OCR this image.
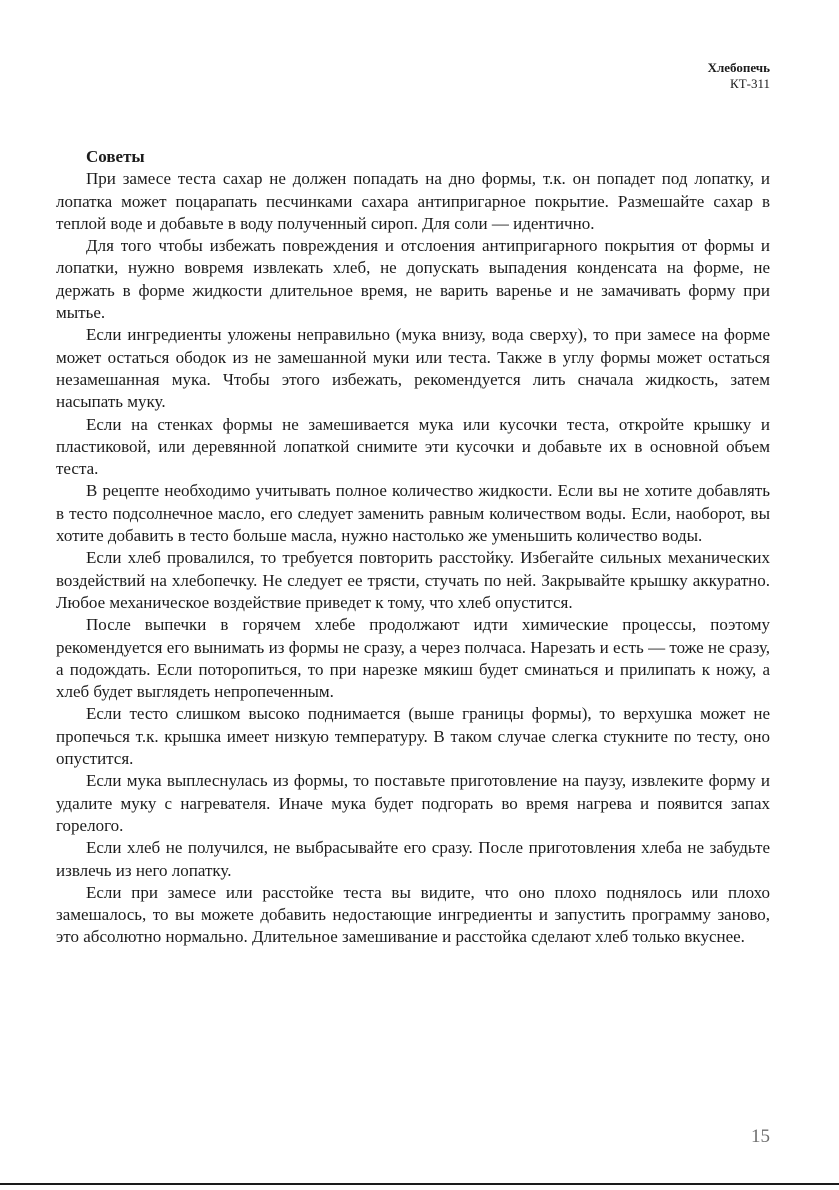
Хлебопечь
КТ-311
Советы

При замесе теста сахар не должен попадать на дно формы, т.к. он попадет под лопатку, и лопатка может поцарапать песчинками сахара антипригарное покрытие. Размешайте сахар в теплой воде и добавьте в воду полученный сироп. Для соли — идентично.

Для того чтобы избежать повреждения и отслоения антипригарного покрытия от формы и лопатки, нужно вовремя извлекать хлеб, не допускать выпадения конденсата на форме, не держать в форме жидкости длительное время, не варить варенье и не замачивать форму при мытье.

Если ингредиенты уложены неправильно (мука внизу, вода сверху), то при замесе на форме может остаться ободок из не замешанной муки или теста. Также в углу формы может остаться незамешанная мука. Чтобы этого избежать, рекомендуется лить сначала жидкость, затем насыпать муку.

Если на стенках формы не замешивается мука или кусочки теста, откройте крышку и пластиковой, или деревянной лопаткой снимите эти кусочки и добавьте их в основной объем теста.

В рецепте необходимо учитывать полное количество жидкости. Если вы не хотите добавлять в тесто подсолнечное масло, его следует заменить равным количеством воды. Если, наоборот, вы хотите добавить в тесто больше масла, нужно настолько же уменьшить количество воды.

Если хлеб провалился, то требуется повторить расстойку. Избегайте сильных механических воздействий на хлебопечку. Не следует ее трясти, стучать по ней. Закрывайте крышку аккуратно. Любое механическое воздействие приведет к тому, что хлеб опустится.

После выпечки в горячем хлебе продолжают идти химические процессы, поэтому рекомендуется его вынимать из формы не сразу, а через полчаса. Нарезать и есть — тоже не сразу, а подождать. Если поторопиться, то при нарезке мякиш будет сминаться и прилипать к ножу, а хлеб будет выглядеть непропеченным.

Если тесто слишком высоко поднимается (выше границы формы), то верхушка может не пропечься т.к. крышка имеет низкую температуру. В таком случае слегка стукните по тесту, оно опустится.

Если мука выплеснулась из формы, то поставьте приготовление на паузу, извлеките форму и удалите муку с нагревателя. Иначе мука будет подгорать во время нагрева и появится запах горелого.

Если хлеб не получился, не выбрасывайте его сразу. После приготовления хлеба не забудьте извлечь из него лопатку.

Если при замесе или расстойке теста вы видите, что оно плохо поднялось или плохо замешалось, то вы можете добавить недостающие ингредиенты и запустить программу заново, это абсолютно нормально. Длительное замешивание и расстойка сделают хлеб только вкуснее.

15
